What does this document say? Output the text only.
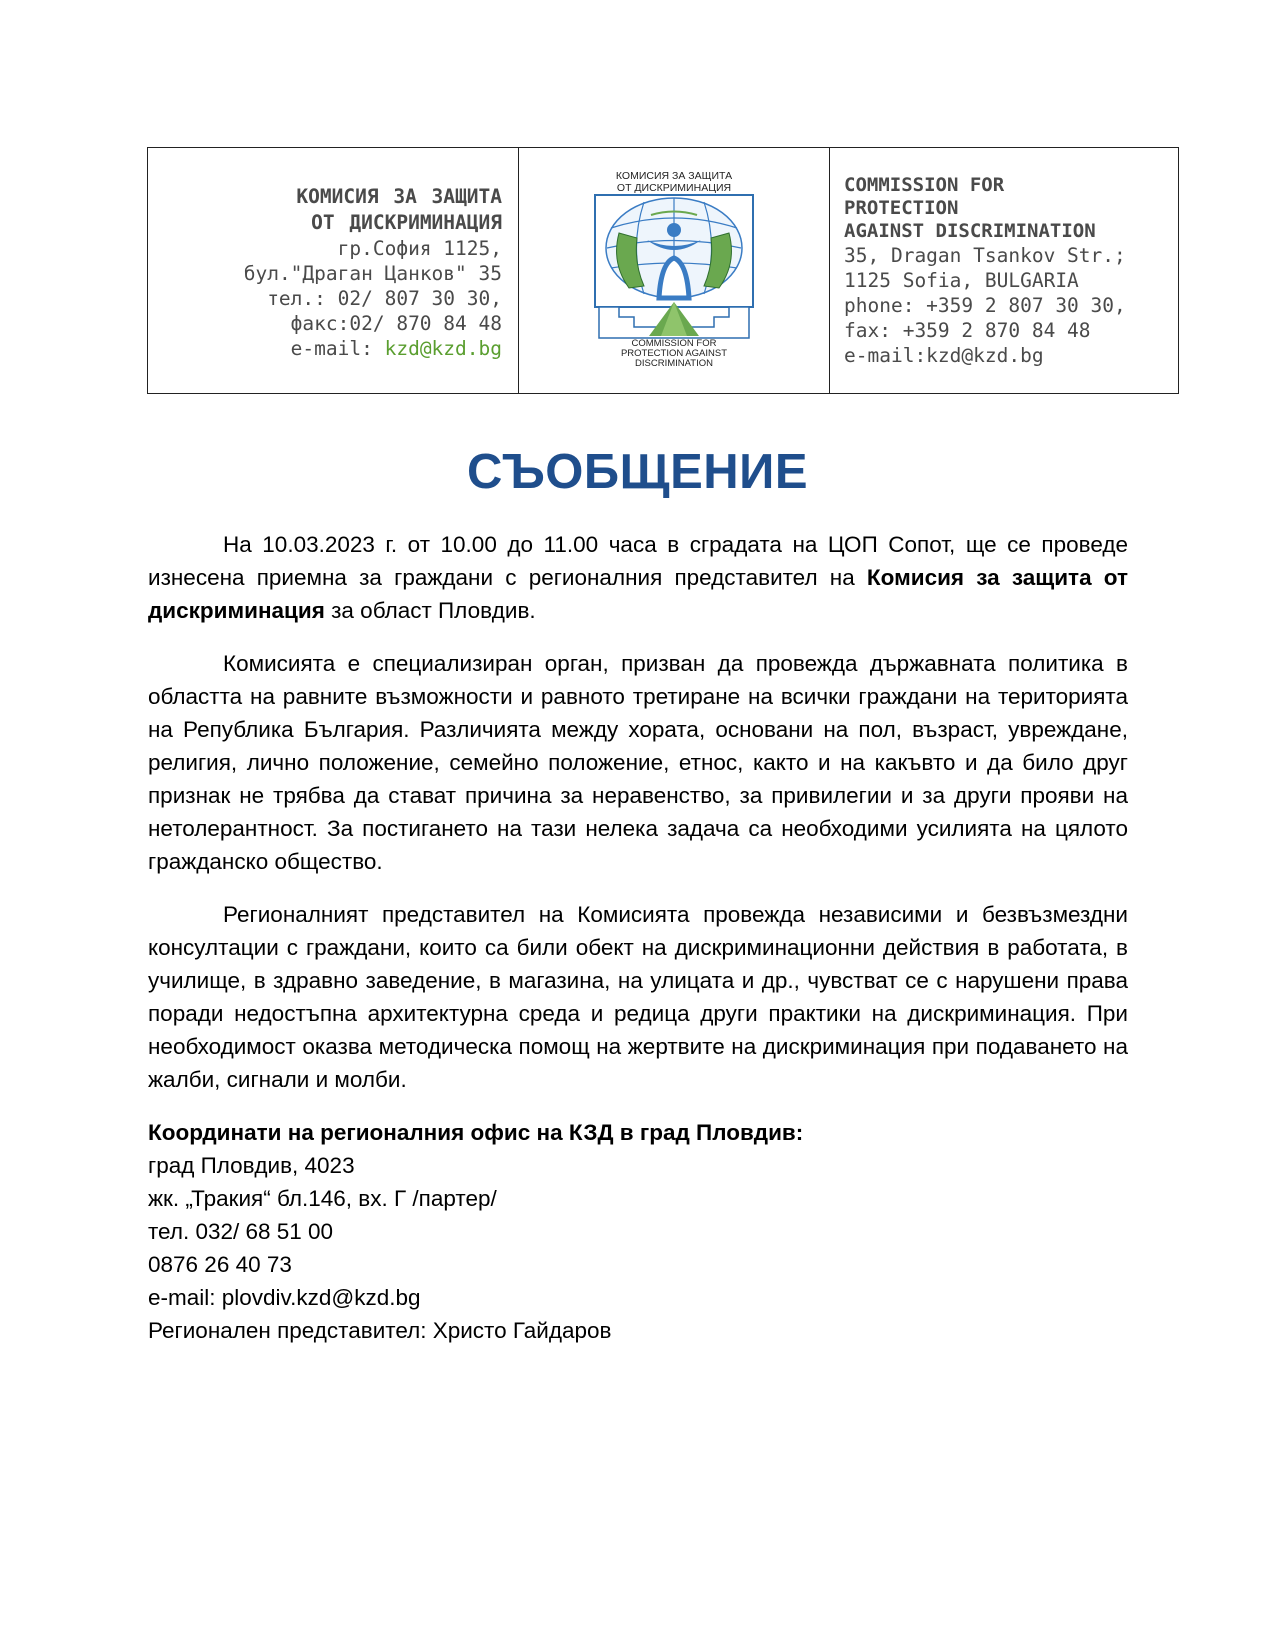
КОМИСИЯ ЗА ЗАЩИТА
ОТ ДИСКРИМИНАЦИЯ
гр.София 1125,
бул."Драган Цанков" 35
тел.: 02/ 807 30 30,
факс:02/ 870 84 48
e-mail: kzd@kzd.bg
КОМИСИЯ ЗА ЗАЩИТА
ОТ ДИСКРИМИНАЦИЯ
COMMISSION FOR
PROTECTION AGAINST
DISCRIMINATION
COMMISSION FOR
PROTECTION
AGAINST DISCRIMINATION
35, Dragan Tsankov Str.;
1125 Sofia, BULGARIA
phone: +359 2 807 30 30,
fax: +359 2 870 84 48
e-mail:kzd@kzd.bg
СЪОБЩЕНИЕ

На 10.03.2023 г. от 10.00 до 11.00 часа в сградата на ЦОП Сопот, ще се проведе изнесена приемна за граждани с регионалния представител на Комисия за защита от дискриминация за област Пловдив.

Комисията е специализиран орган, призван да провежда държавната политика в областта на равните възможности и равното третиране на всички граждани на територията на Република България. Различията между хората, основани на пол, възраст, увреждане, религия, лично положение, семейно положение, етнос, както и на какъвто и да било друг признак не трябва да стават причина за неравенство, за привилегии и за други прояви на нетолерантност. За постигането на тази нелека задача са необходими усилията на цялото гражданско общество.

Регионалният представител на Комисията провежда независими и безвъзмездни консултации с граждани, които са били обект на дискриминационни действия в работата, в училище, в здравно заведение, в магазина, на улицата и др., чувстват се с нарушени права поради недостъпна архитектурна среда и редица други практики на дискриминация. При необходимост оказва методическа помощ на жертвите на дискриминация при подаването на жалби, сигнали и молби.

Координати на регионалния офис на КЗД в град Пловдив:
град Пловдив, 4023
жк. „Тракия“ бл.146, вх. Г /партер/
тел. 032/ 68 51 00
0876 26 40 73
e-mail: plovdiv.kzd@kzd.bg
Регионален представител: Христо Гайдаров
